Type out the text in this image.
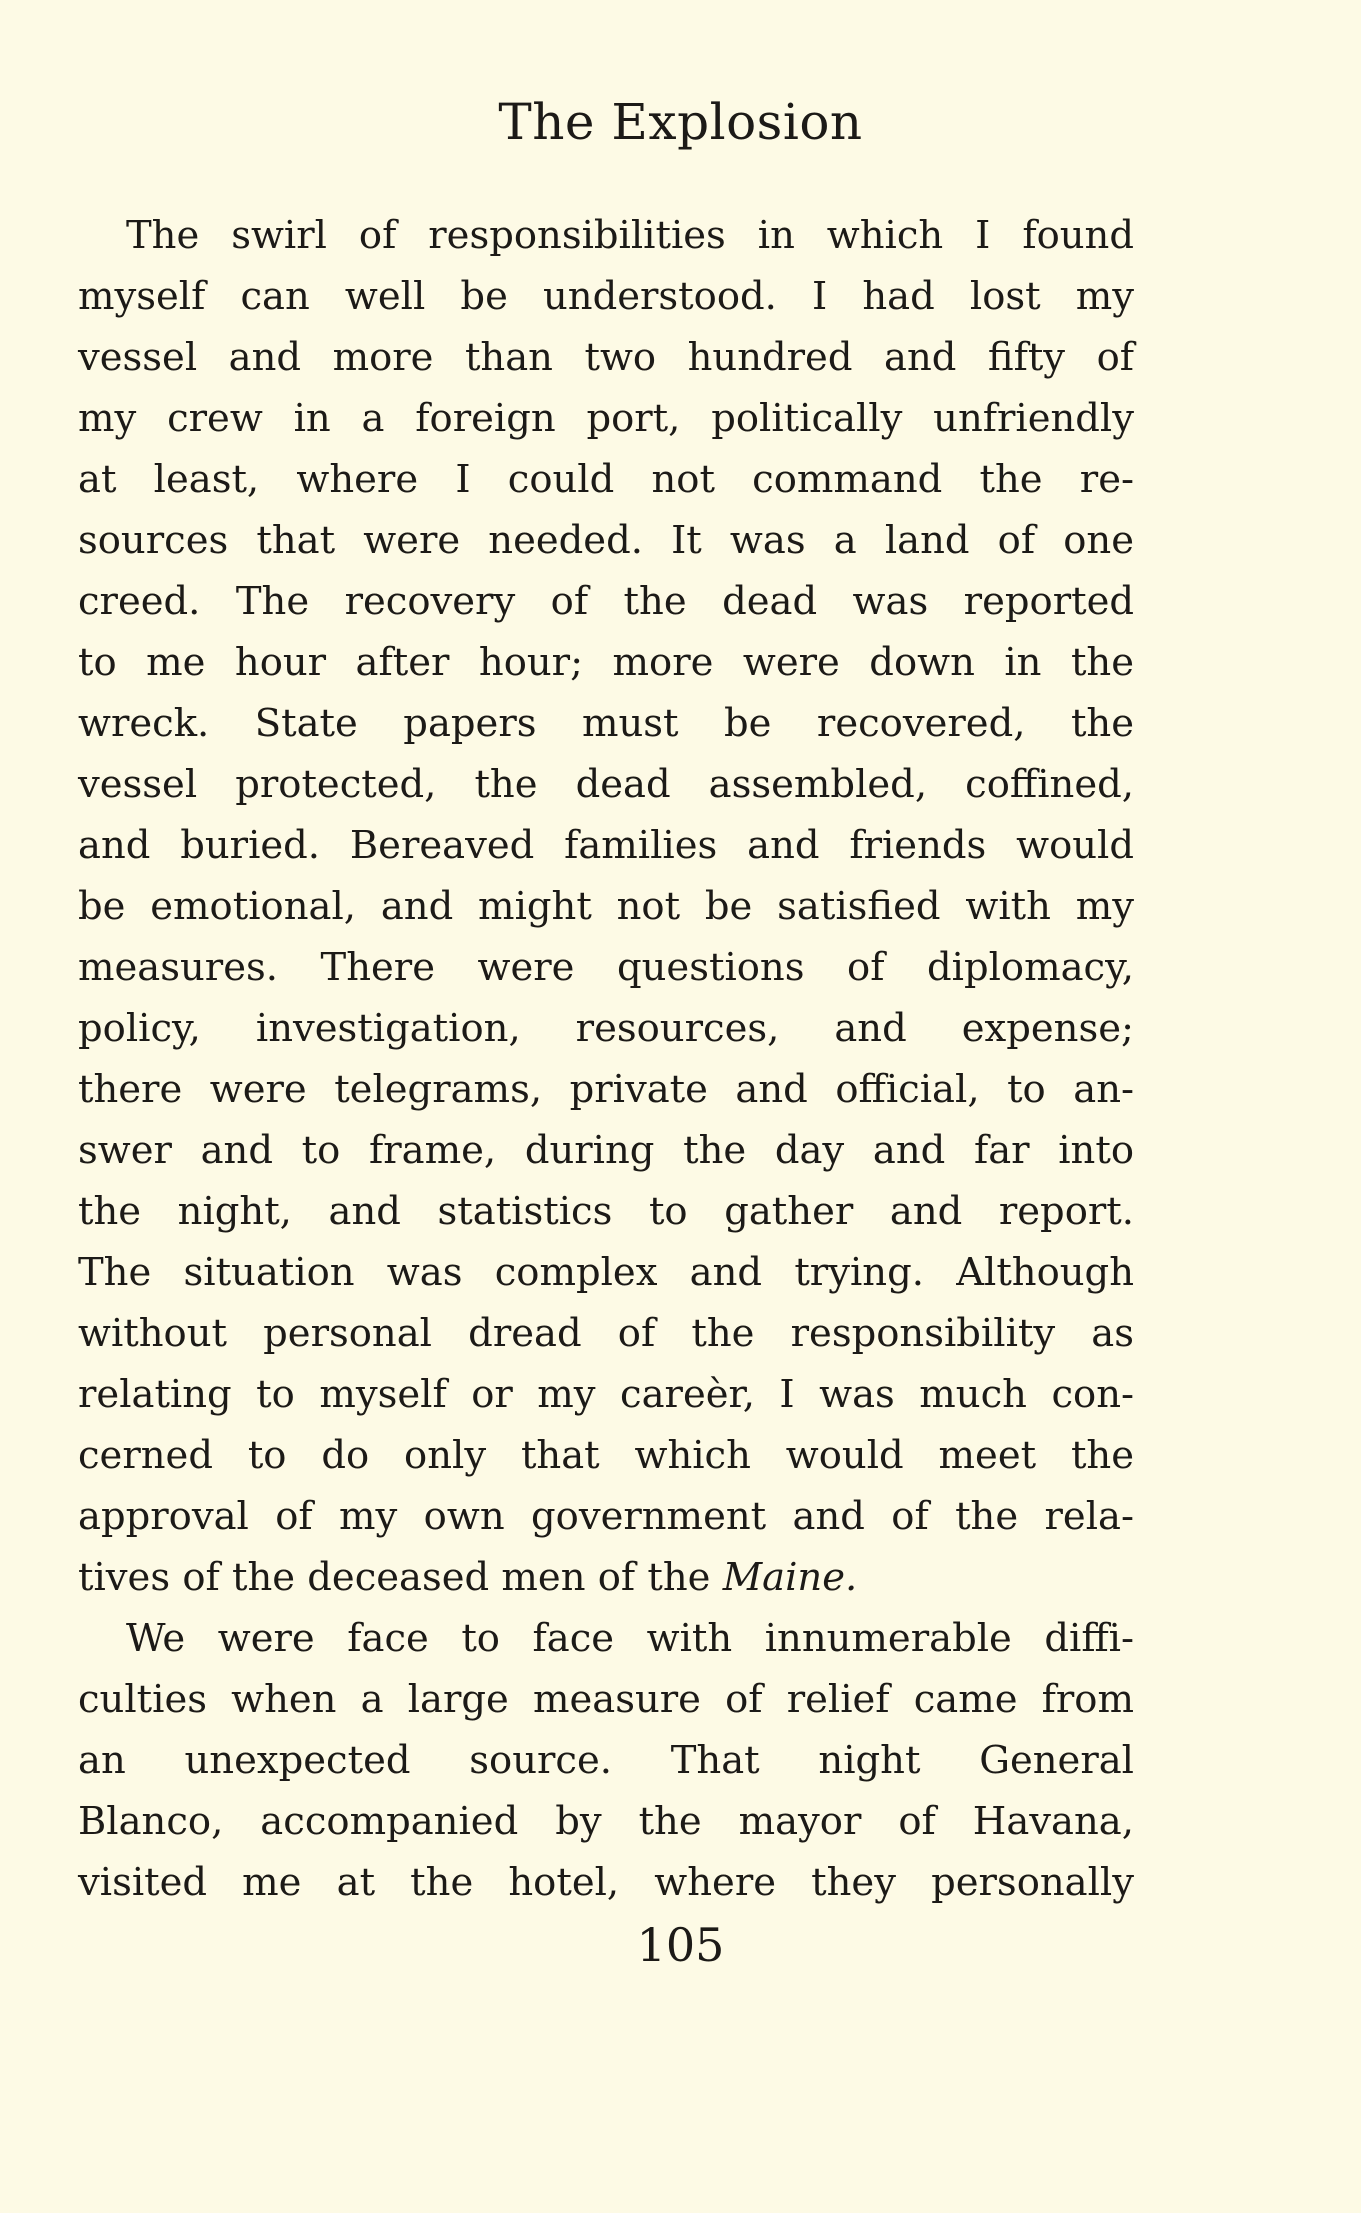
The Explosion
The swirl of responsibilities in which I found
myself can well be understood. I had lost my
vessel and more than two hundred and fifty of
my crew in a foreign port, politically unfriendly
at least, where I could not command the re-
sources that were needed. It was a land of one
creed. The recovery of the dead was reported
to me hour after hour; more were down in the
wreck. State papers must be recovered, the
vessel protected, the dead assembled, coffined,
and buried. Bereaved families and friends would
be emotional, and might not be satisfied with my
measures. There were questions of diplomacy,
policy, investigation, resources, and expense;
there were telegrams, private and official, to an-
swer and to frame, during the day and far into
the night, and statistics to gather and report.
The situation was complex and trying. Although
without personal dread of the responsibility as
relating to myself or my careèr, I was much con-
cerned to do only that which would meet the
approval of my own government and of the rela-
tives of the deceased men of the Maine.
We were face to face with innumerable diffi-
culties when a large measure of relief came from
an unexpected source. That night General
Blanco, accompanied by the mayor of Havana,
visited me at the hotel, where they personally
105
